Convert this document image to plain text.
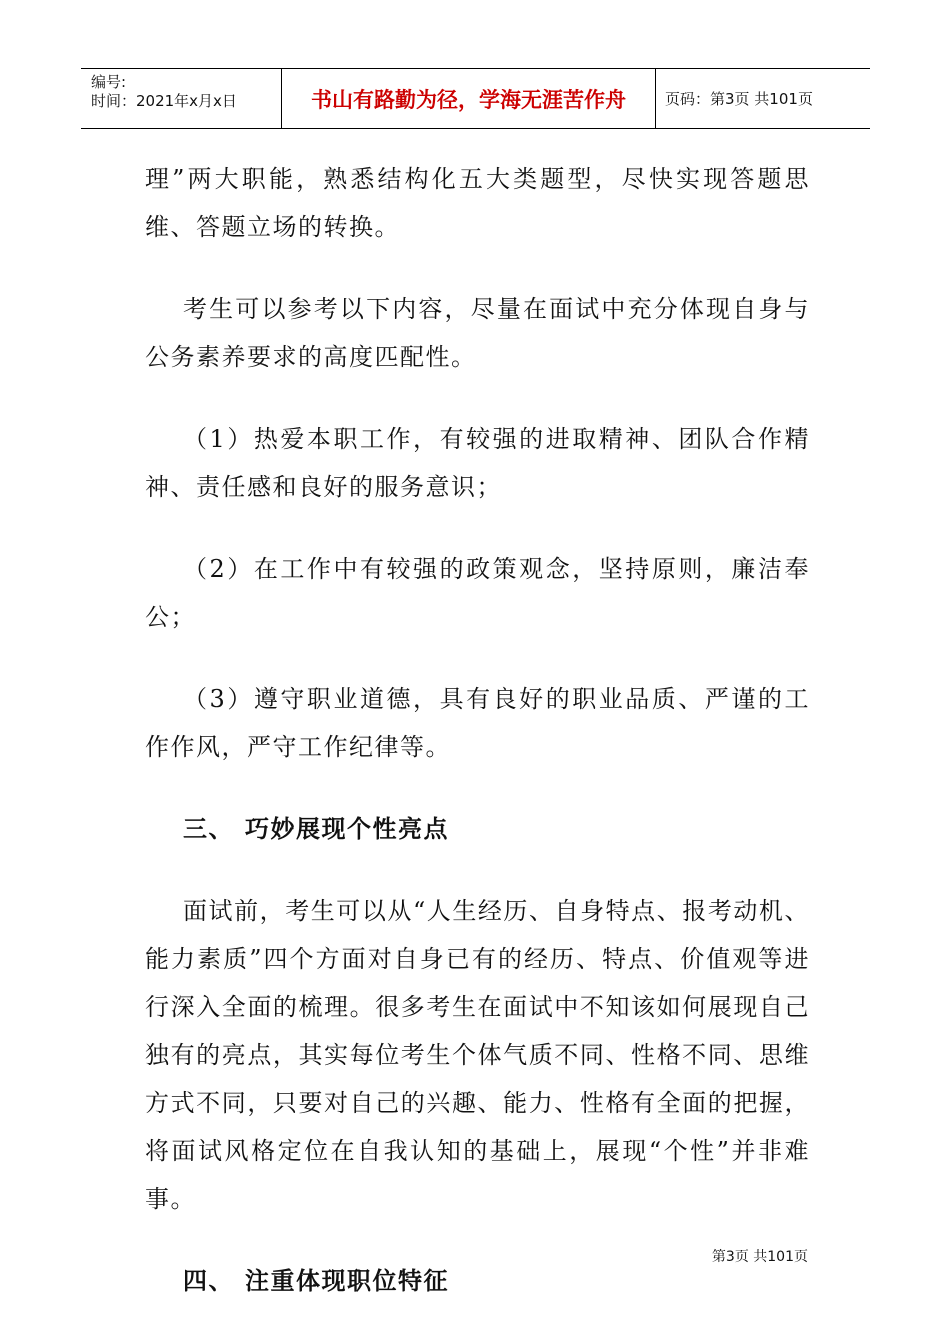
编号:
时间：2021年x月x日	书山有路勤为径，学海无涯苦作舟	页码：第3页 共101页

理”两大职能，熟悉结构化五大类题型，尽快实现答题思维、答题立场的转换。

考生可以参考以下内容，尽量在面试中充分体现自身与公务素养要求的高度匹配性。

（1）热爱本职工作，有较强的进取精神、团队合作精神、责任感和良好的服务意识；

（2）在工作中有较强的政策观念，坚持原则，廉洁奉公；

（3）遵守职业道德，具有良好的职业品质、严谨的工作作风，严守工作纪律等。

三、 巧妙展现个性亮点

面试前，考生可以从“人生经历、自身特点、报考动机、能力素质”四个方面对自身已有的经历、特点、价值观等进行深入全面的梳理。很多考生在面试中不知该如何展现自己独有的亮点，其实每位考生个体气质不同、性格不同、思维方式不同，只要对自己的兴趣、能力、性格有全面的把握，将面试风格定位在自我认知的基础上，展现“个性”并非难事。

四、 注重体现职位特征
第3页 共101页
